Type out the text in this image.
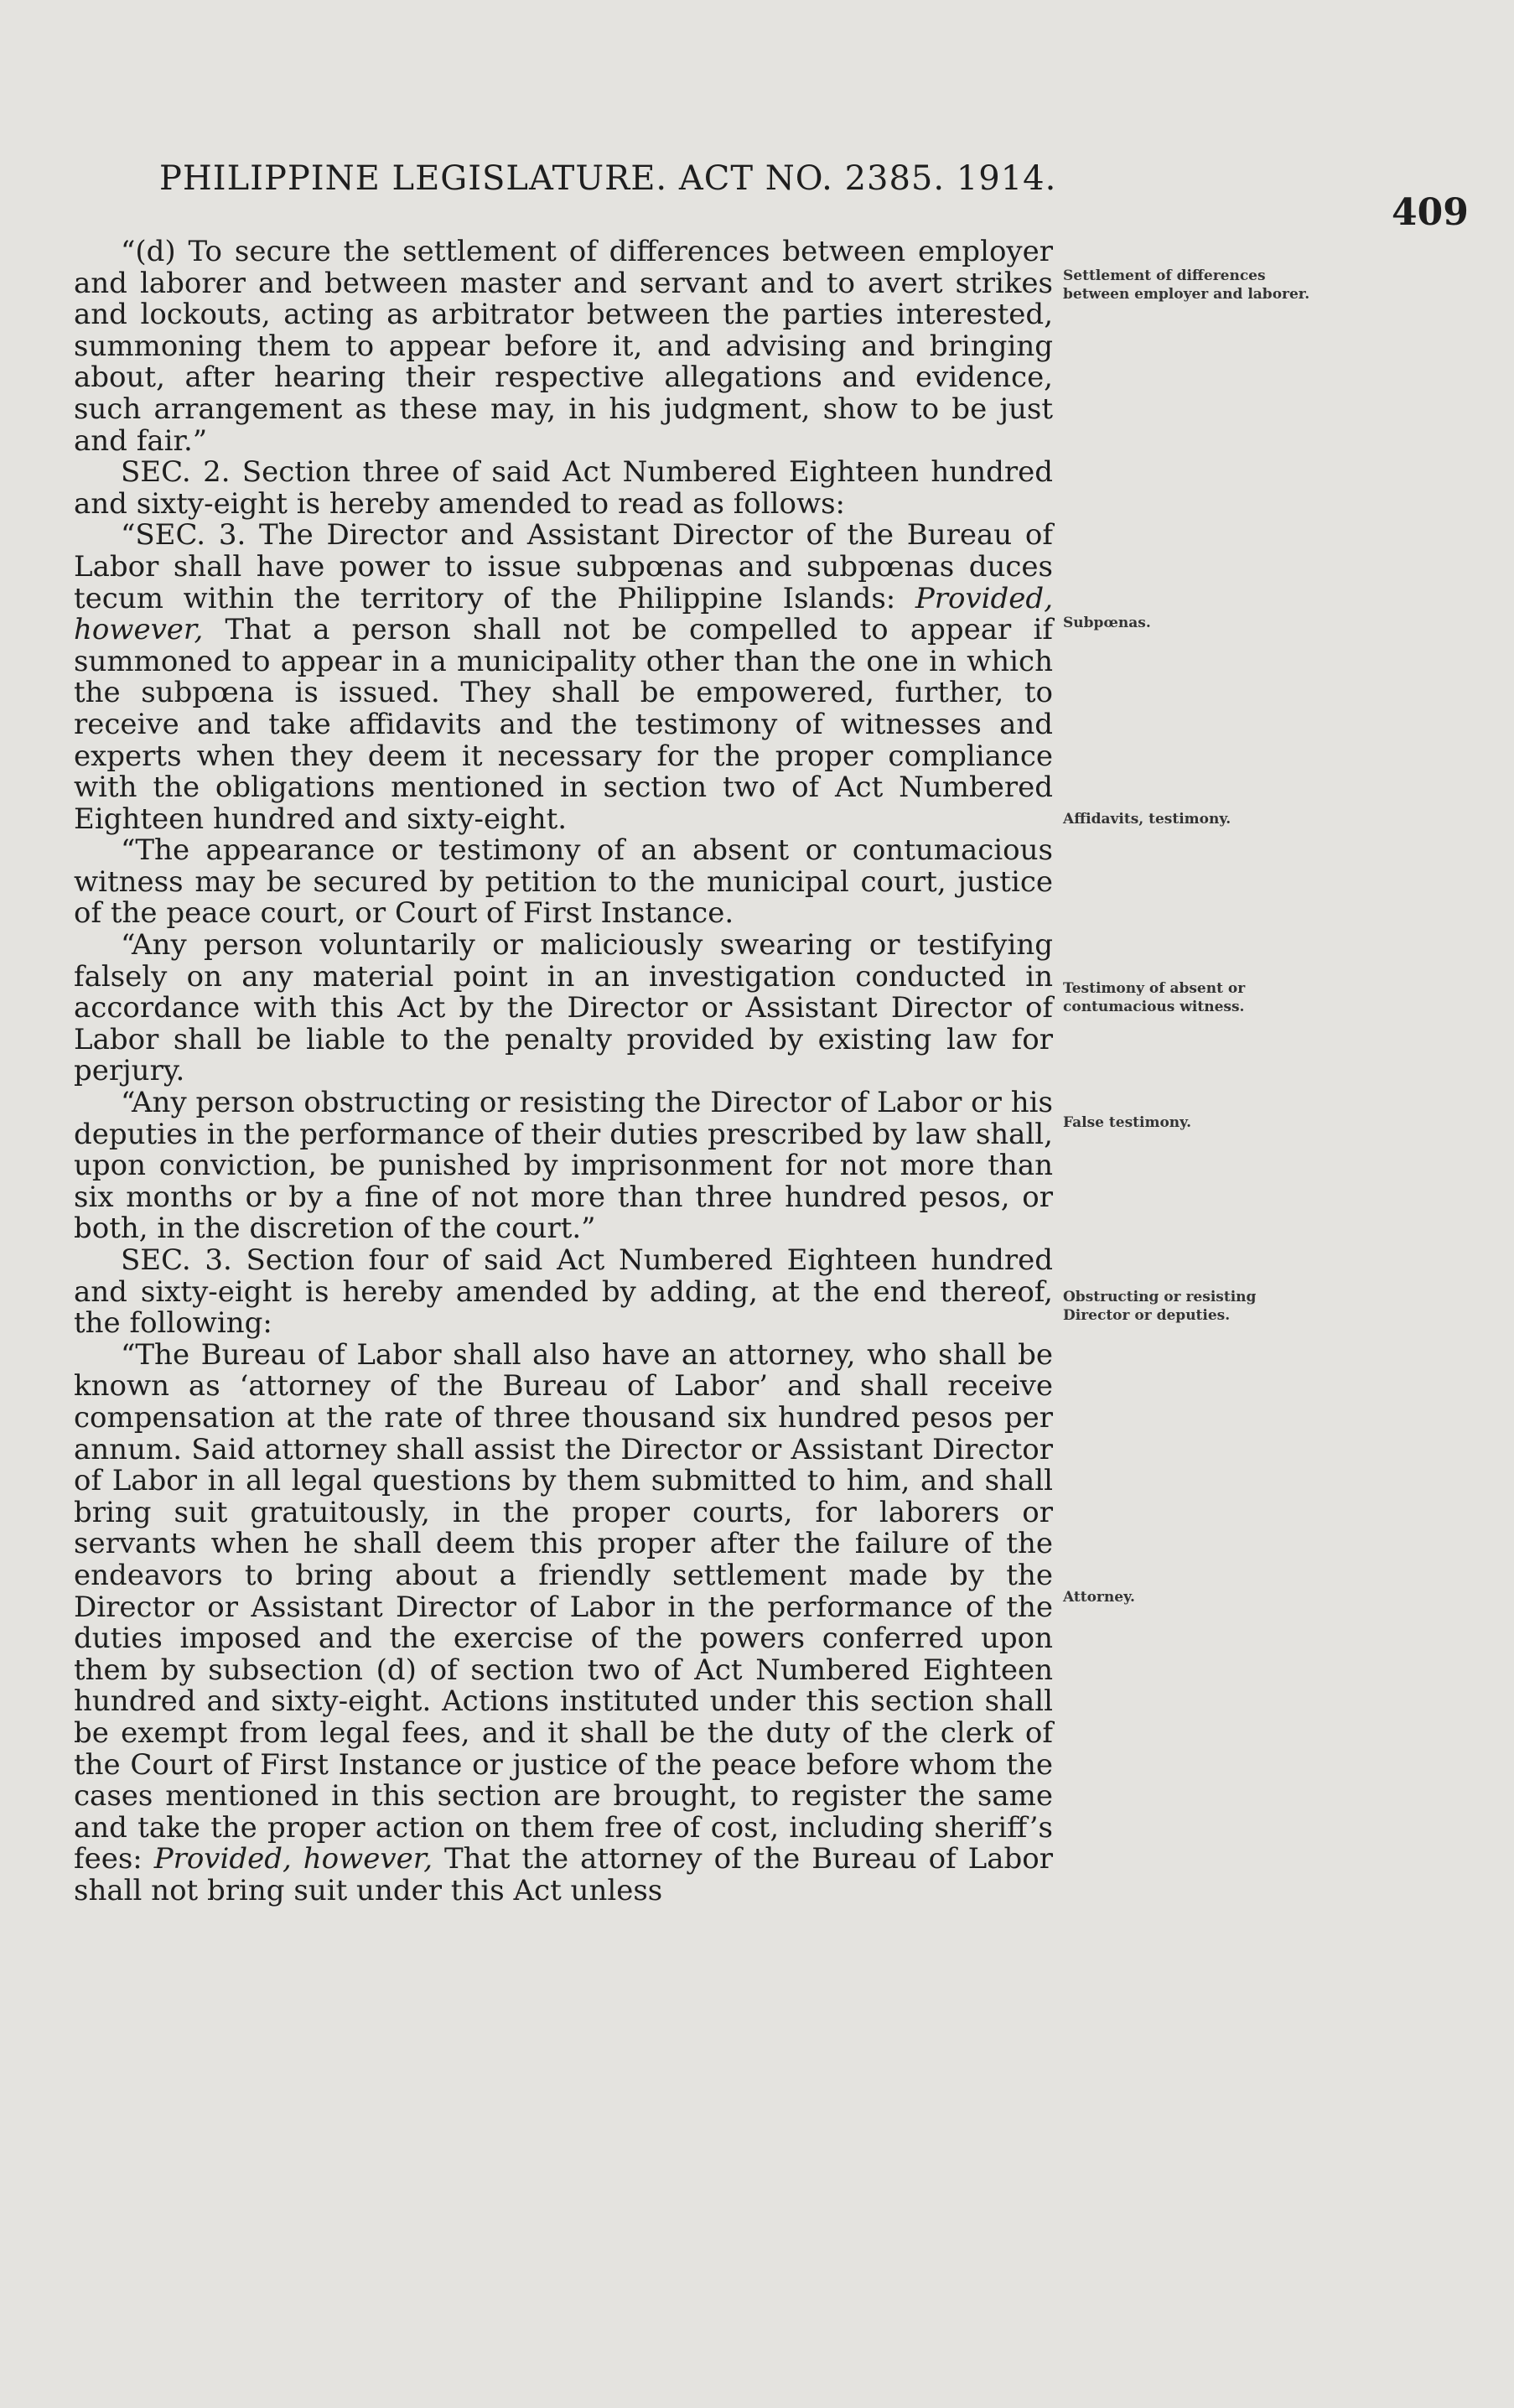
PHILIPPINE LEGISLATURE. ACT NO. 2385. 1914.
409

“(d) To secure the settlement of differences between employer and laborer and between master and servant and to avert strikes and lockouts, acting as arbitrator between the parties interested, summoning them to appear before it, and advising and bringing about, after hearing their respective allegations and evidence, such arrangement as these may, in his judgment, show to be just and fair.”

SEC. 2. Section three of said Act Numbered Eighteen hundred and sixty-eight is hereby amended to read as follows:

“SEC. 3. The Director and Assistant Director of the Bureau of Labor shall have power to issue subpœnas and subpœnas duces tecum within the territory of the Philippine Islands: Provided, however, That a person shall not be compelled to appear if summoned to appear in a municipality other than the one in which the subpœna is issued. They shall be empowered, further, to receive and take affidavits and the testimony of witnesses and experts when they deem it necessary for the proper compliance with the obligations mentioned in section two of Act Numbered Eighteen hundred and sixty-eight.

“The appearance or testimony of an absent or contumacious witness may be secured by petition to the municipal court, justice of the peace court, or Court of First Instance.

“Any person voluntarily or maliciously swearing or testifying falsely on any material point in an investigation conducted in accordance with this Act by the Director or Assistant Director of Labor shall be liable to the penalty provided by existing law for perjury.

“Any person obstructing or resisting the Director of Labor or his deputies in the performance of their duties prescribed by law shall, upon conviction, be punished by imprisonment for not more than six months or by a fine of not more than three hundred pesos, or both, in the discretion of the court.”

SEC. 3. Section four of said Act Numbered Eighteen hundred and sixty-eight is hereby amended by adding, at the end thereof, the following:

“The Bureau of Labor shall also have an attorney, who shall be known as ‘attorney of the Bureau of Labor’ and shall receive compensation at the rate of three thousand six hundred pesos per annum. Said attorney shall assist the Director or Assistant Director of Labor in all legal questions by them submitted to him, and shall bring suit gratuitously, in the proper courts, for laborers or servants when he shall deem this proper after the failure of the endeavors to bring about a friendly settlement made by the Director or Assistant Director of Labor in the performance of the duties imposed and the exercise of the powers conferred upon them by subsection (d) of section two of Act Numbered Eighteen hundred and sixty-eight. Actions instituted under this section shall be exempt from legal fees, and it shall be the duty of the clerk of the Court of First Instance or justice of the peace before whom the cases mentioned in this section are brought, to register the same and take the proper action on them free of cost, including sheriff’s fees: Provided, however, That the attorney of the Bureau of Labor shall not bring suit under this Act unless

Settlement of differences between employer and laborer.
Subpœnas.
Affidavits, testimony.
Testimony of absent or contumacious witness.
False testimony.
Obstructing or resisting Director or deputies.
Attorney.
